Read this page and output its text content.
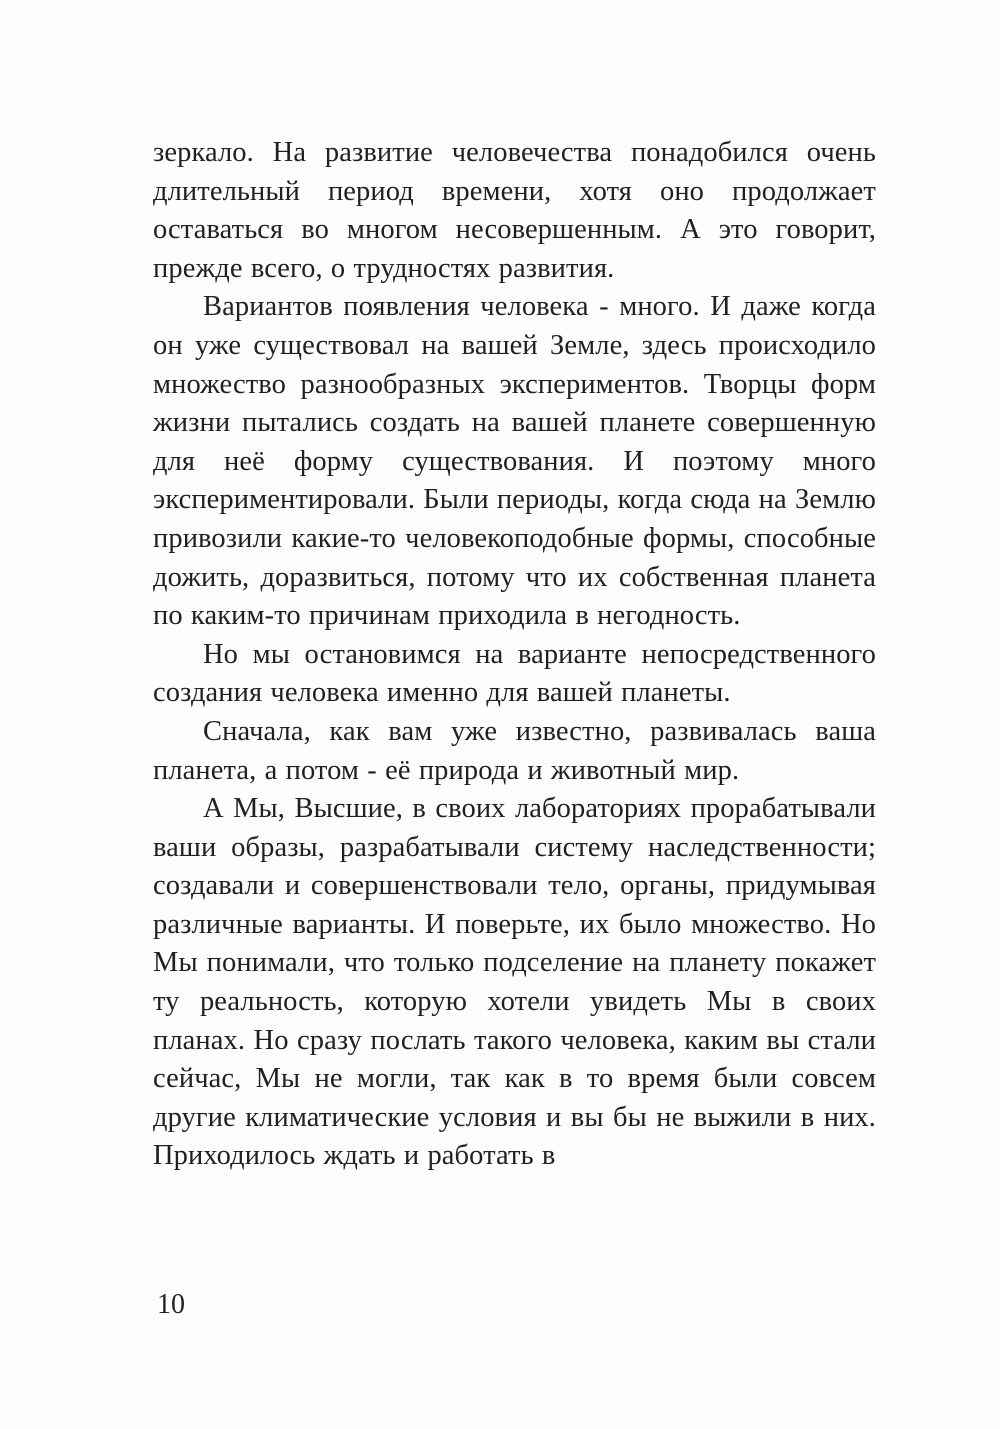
зеркало. На развитие человечества понадобился очень длительный период времени, хотя оно продолжает оставаться во многом несовершенным. А это говорит, прежде всего, о трудностях развития.

Вариантов появления человека - много. И даже когда он уже существовал на вашей Земле, здесь происходило множество разнообразных экспериментов. Творцы форм жизни пытались создать на вашей планете совершенную для неё форму существования. И поэтому много экспериментировали. Были периоды, когда сюда на Землю привозили какие-то человекоподобные формы, способные дожить, доразвиться, потому что их собственная планета по каким-то причинам приходила в негодность.

Но мы остановимся на варианте непосредственного создания человека именно для вашей планеты.

Сначала, как вам уже известно, развивалась ваша планета, а потом - её природа и животный мир.

А Мы, Высшие, в своих лабораториях прорабатывали ваши образы, разрабатывали систему наследственности; создавали и совершенствовали тело, органы, придумывая различные варианты. И поверьте, их было множество. Но Мы понимали, что только подселение на планету покажет ту реальность, которую хотели увидеть Мы в своих планах. Но сразу послать такого человека, каким вы стали сейчас, Мы не могли, так как в то время были совсем другие климатические условия и вы бы не выжили в них. Приходилось ждать и работать в

10
